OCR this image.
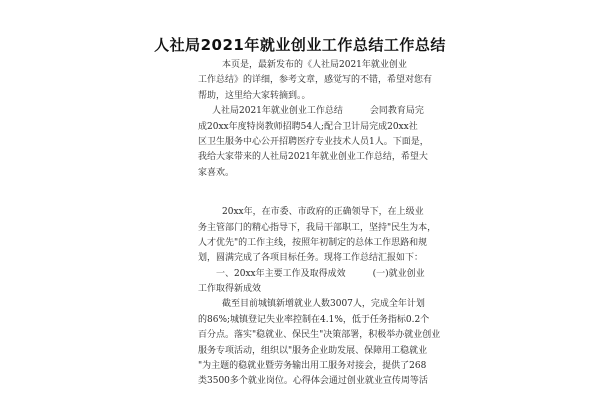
人社局2021年就业创业工作总结工作总结
本页是，最新发布的《人社局2021年就业创业
工作总结》的详细，参考文章，感觉写的不错，希望对您有
帮助，这里给大家转摘到。。
人社局2021年就业创业工作总结　　　会同教育局完
成20xx年度特岗教师招聘54人;配合卫计局完成20xx社
区卫生服务中心公开招聘医疗专业技术人员1人。下面是，
我给大家带来的人社局2021年就业创业工作总结，希望大
家喜欢。
20xx年，在市委、市政府的正确领导下，在上级业
务主管部门的精心指导下，我局干部职工，坚持"民生为本，
人才优先"的工作主线，按照年初制定的总体工作思路和规
划，圆满完成了各项目标任务。现将工作总结汇报如下：
一、20xx年主要工作及取得成效　　　(一)就业创业
工作取得新成效
截至目前城镇新增就业人数3007人，完成全年计划
的86%;城镇登记失业率控制在4.1%，低于任务指标0.2个
百分点。落实"稳就业、保民生"决策部署，积极举办就业创业
服务专项活动，组织以"服务企业助发展、保障用工稳就业
"为主题的稳就业暨劳务输出用工服务对接会，提供了268
类3500多个就业岗位。心得体会通过创业就业宣传周等活
